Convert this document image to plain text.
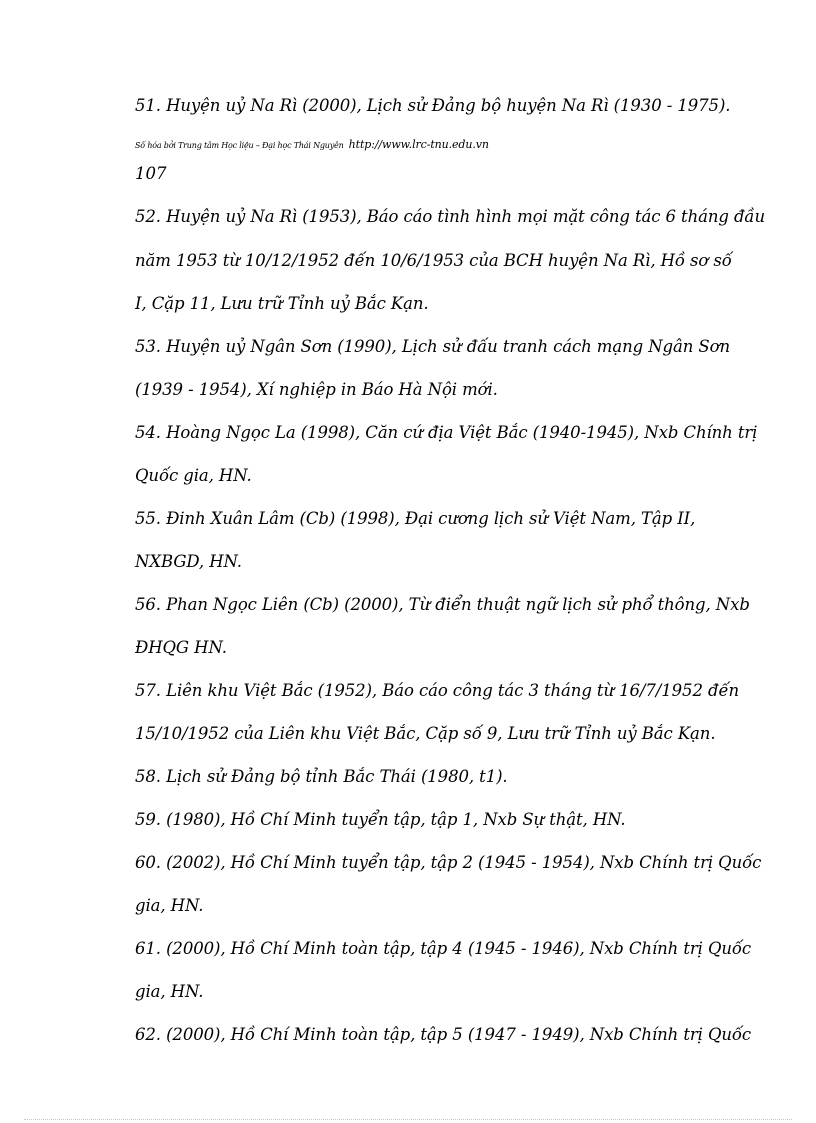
51. Huyện uỷ Na Rì (2000), Lịch sử Đảng bộ huyện Na Rì (1930 - 1975).
Số hóa bởi Trung tâm Học liệu – Đại học Thái Nguyên http://www.lrc-tnu.edu.vn
107
52. Huyện uỷ Na Rì (1953), Báo cáo tình hình mọi mặt công tác 6 tháng đầu
năm 1953 từ 10/12/1952 đến 10/6/1953 của BCH huyện Na Rì, Hồ sơ số
I, Cặp 11, Lưu trữ Tỉnh uỷ Bắc Kạn.
53. Huyện uỷ Ngân Sơn (1990), Lịch sử đấu tranh cách mạng Ngân Sơn
(1939 - 1954), Xí nghiệp in Báo Hà Nội mới.
54. Hoàng Ngọc La (1998), Căn cứ địa Việt Bắc (1940-1945), Nxb Chính trị
Quốc gia, HN.
55. Đinh Xuân Lâm (Cb) (1998), Đại cương lịch sử Việt Nam, Tập II,
NXBGD, HN.
56. Phan Ngọc Liên (Cb) (2000), Từ điển thuật ngữ lịch sử phổ thông, Nxb
ĐHQG HN.
57. Liên khu Việt Bắc (1952), Báo cáo công tác 3 tháng từ 16/7/1952 đến
15/10/1952 của Liên khu Việt Bắc, Cặp số 9, Lưu trữ Tỉnh uỷ Bắc Kạn.
58. Lịch sử Đảng bộ tỉnh Bắc Thái (1980, t1).
59. (1980), Hồ Chí Minh tuyển tập, tập 1, Nxb Sự thật, HN.
60. (2002), Hồ Chí Minh tuyển tập, tập 2 (1945 - 1954), Nxb Chính trị Quốc
gia, HN.
61. (2000), Hồ Chí Minh toàn tập, tập 4 (1945 - 1946), Nxb Chính trị Quốc
gia, HN.
62. (2000), Hồ Chí Minh toàn tập, tập 5 (1947 - 1949), Nxb Chính trị Quốc
